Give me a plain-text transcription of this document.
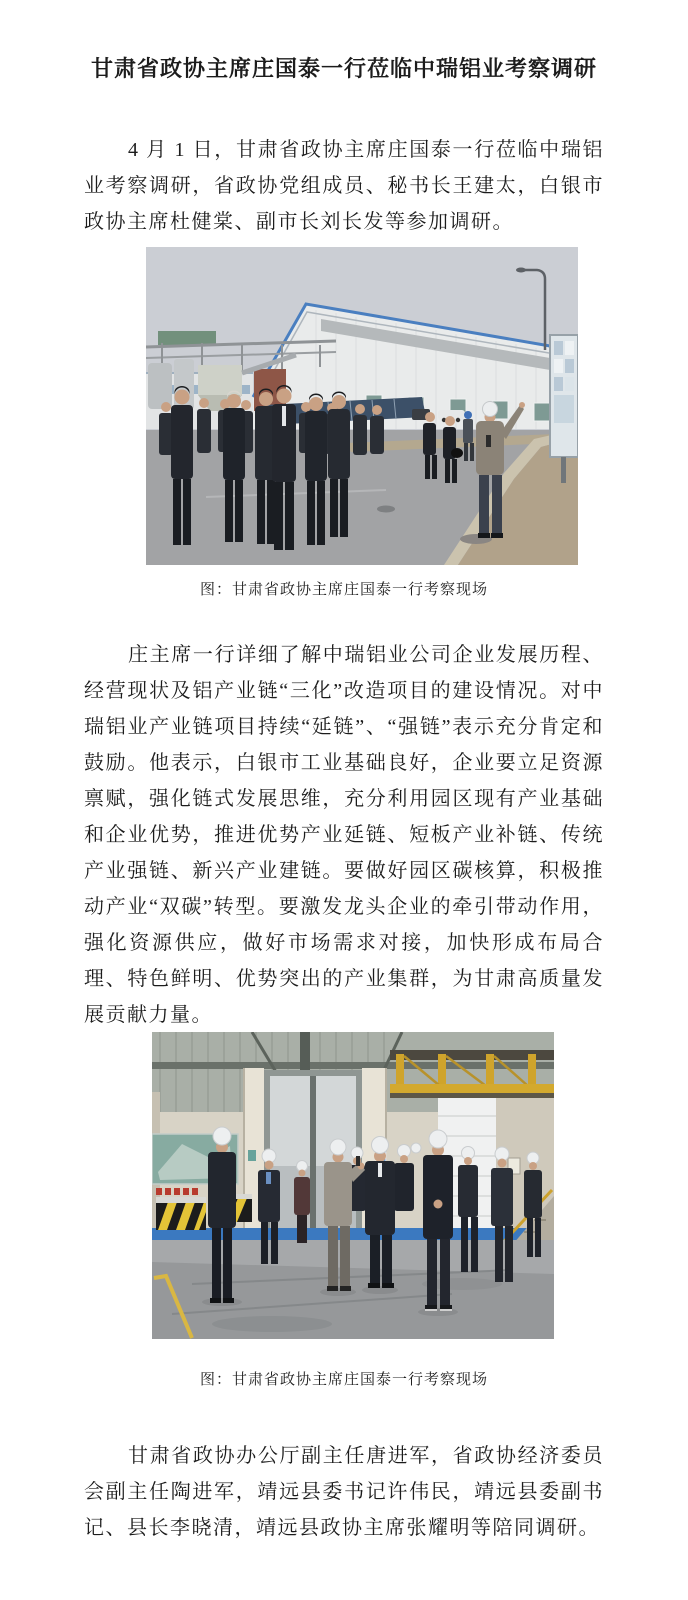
甘肃省政协主席庄国泰一行莅临中瑞铝业考察调研

4 月 1 日，甘肃省政协主席庄国泰一行莅临中瑞铝业考察调研，省政协党组成员、秘书长王建太，白银市政协主席杜健棠、副市长刘长发等参加调研。

图：甘肃省政协主席庄国泰一行考察现场

庄主席一行详细了解中瑞铝业公司企业发展历程、经营现状及铝产业链“三化”改造项目的建设情况。对中瑞铝业产业链项目持续“延链”、“强链”表示充分肯定和鼓励。他表示，白银市工业基础良好，企业要立足资源禀赋，强化链式发展思维，充分利用园区现有产业基础和企业优势，推进优势产业延链、短板产业补链、传统产业强链、新兴产业建链。要做好园区碳核算，积极推动产业“双碳”转型。要激发龙头企业的牵引带动作用，强化资源供应，做好市场需求对接，加快形成布局合理、特色鲜明、优势突出的产业集群，为甘肃高质量发展贡献力量。

图：甘肃省政协主席庄国泰一行考察现场

甘肃省政协办公厅副主任唐进军，省政协经济委员会副主任陶进军，靖远县委书记许伟民，靖远县委副书记、县长李晓清，靖远县政协主席张耀明等陪同调研。
